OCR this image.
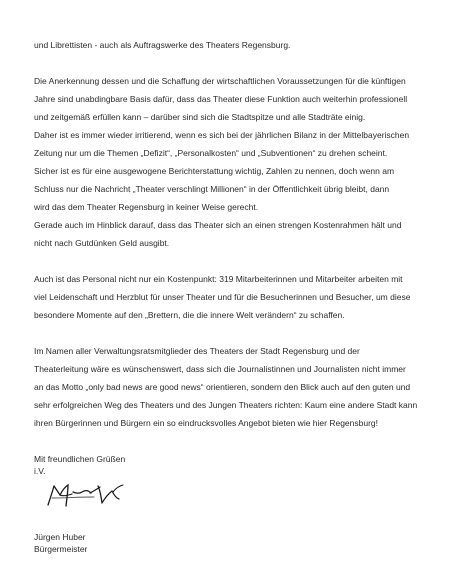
und Librettisten - auch als Auftragswerke des Theaters Regensburg.

Die Anerkennung dessen und die Schaffung der wirtschaftlichen Voraussetzungen für die künftigen

Jahre sind unabdingbare Basis dafür, dass das Theater diese Funktion auch weiterhin professionell

und zeitgemäß erfüllen kann – darüber sind sich die Stadtspitze und alle Stadträte einig.

Daher ist es immer wieder irritierend, wenn es sich bei der jährlichen Bilanz in der Mittelbayerischen

Zeitung nur um die Themen „Defizit“, „Personalkosten“ und „Subventionen“ zu drehen scheint.

Sicher ist es für eine ausgewogene Berichterstattung wichtig, Zahlen zu nennen, doch wenn am

Schluss nur die Nachricht „Theater verschlingt Millionen“ in der Öffentlichkeit übrig bleibt, dann

wird das dem Theater Regensburg in keiner Weise gerecht.

Gerade auch im Hinblick darauf, dass das Theater sich an einen strengen Kostenrahmen hält und

nicht nach Gutdünken Geld ausgibt.

Auch ist das Personal nicht nur ein Kostenpunkt: 319 Mitarbeiterinnen und Mitarbeiter arbeiten mit

viel Leidenschaft und Herzblut für unser Theater und für die Besucherinnen und Besucher, um diese

besondere Momente auf den „Brettern, die die innere Welt verändern“ zu schaffen.

Im Namen aller Verwaltungsratsmitglieder des Theaters der Stadt Regensburg und der

Theaterleitung wäre es wünschenswert, dass sich die Journalistinnen und Journalisten nicht immer

an das Motto „only bad news are good news“ orientieren, sondern den Blick auch auf den guten und

sehr erfolgreichen Weg des Theaters und des Jungen Theaters richten: Kaum eine andere Stadt kann

ihren Bürgerinnen und Bürgern ein so eindrucksvolles Angebot bieten wie hier Regensburg!

Mit freundlichen Grüßen

i.V.

Jürgen Huber

Bürgermeister
